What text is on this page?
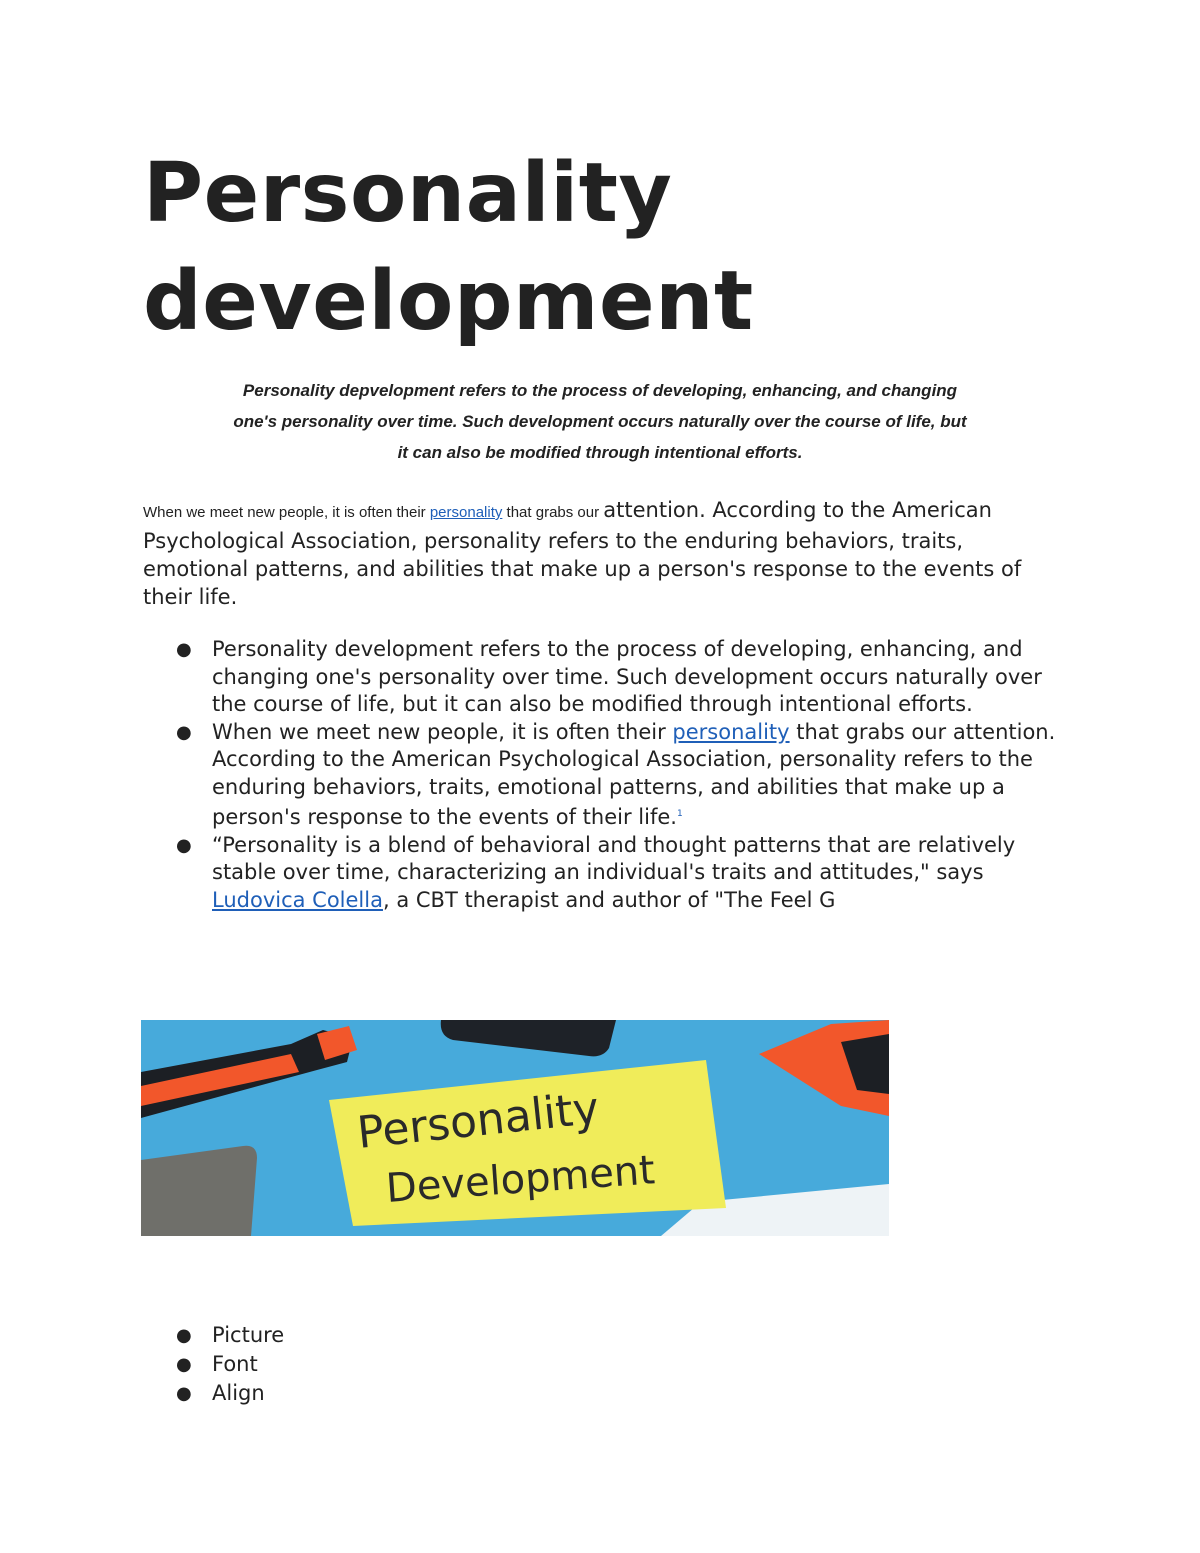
Personality
development

Personality depvelopment refers to the process of developing, enhancing, and changing
one's personality over time. Such development occurs naturally over the course of life, but
it can also be modified through intentional efforts.

When we meet new people, it is often their personality that grabs our attention. According to the American Psychological Association, personality refers to the enduring behaviors, traits, emotional patterns, and abilities that make up a person's response to the events of their life.

● Personality development refers to the process of developing, enhancing, and changing one's personality over time. Such development occurs naturally over the course of life, but it can also be modified through intentional efforts.
● When we meet new people, it is often their personality that grabs our attention. According to the American Psychological Association, personality refers to the enduring behaviors, traits, emotional patterns, and abilities that make up a person's response to the events of their life.$^1$
● “Personality is a blend of behavioral and thought patterns that are relatively stable over time, characterizing an individual's traits and attitudes," says Ludovica Colella, a CBT therapist and author of "The Feel G
Personality
Development
● Picture
● Font
● Align
